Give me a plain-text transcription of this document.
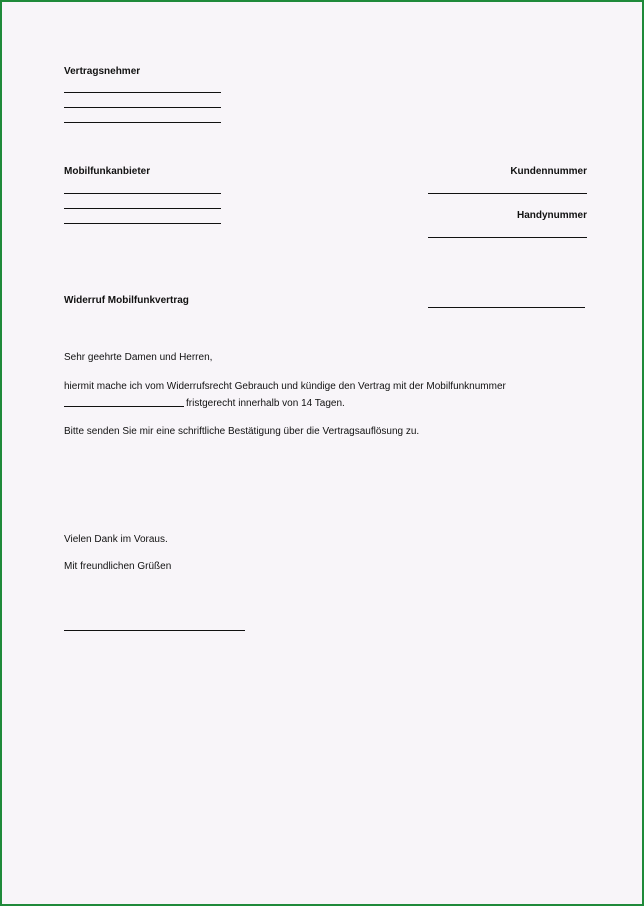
Vertragsnehmer
Mobilfunkanbieter	Kundennummer
Handynummer
Widerruf Mobilfunkvertrag
Sehr geehrte Damen und Herren,
hiermit mache ich vom Widerrufsrecht Gebrauch und kündige den Vertrag mit der Mobilfunknummer
fristgerecht innerhalb von 14 Tagen.
Bitte senden Sie mir eine schriftliche Bestätigung über die Vertragsauflösung zu.
Vielen Dank im Voraus.
Mit freundlichen Grüßen
